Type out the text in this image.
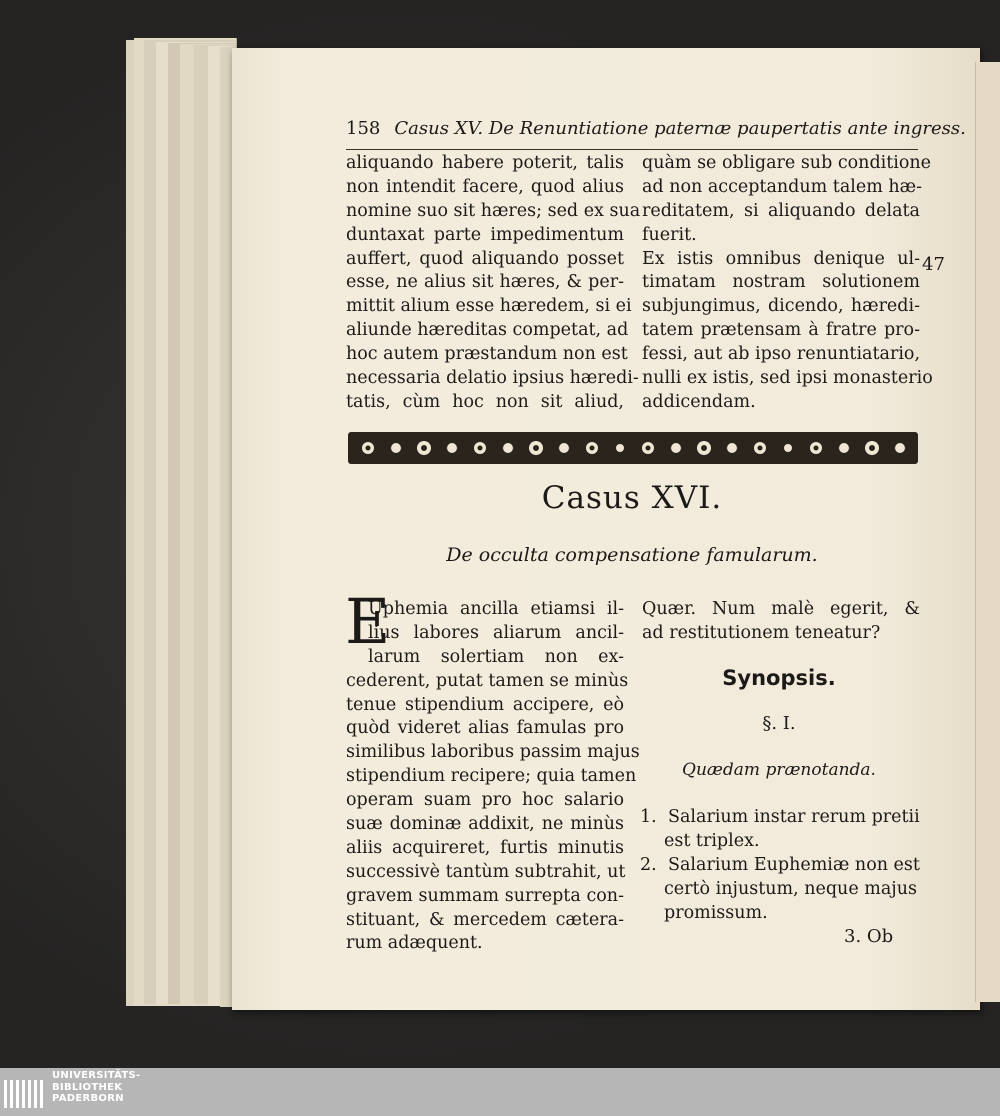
158 Casus XV. De Renuntiatione paternæ paupertatis ante ingress.
47
aliquando habere poterit, talis
non intendit facere, quod alius
nomine suo sit hæres; sed ex sua
duntaxat parte impedimentum
auffert, quod aliquando posset
esse, ne alius sit hæres, & per-
mittit alium esse hæredem, si ei
aliunde hæreditas competat, ad
hoc autem præstandum non est
necessaria delatio ipsius hæredi-
tatis, cùm hoc non sit aliud,
quàm se obligare sub conditione
ad non acceptandum talem hæ-
reditatem, si aliquando delata
fuerit.
Ex istis omnibus denique ul-
timatam nostram solutionem
subjungimus, dicendo, hæredi-
tatem prætensam à fratre pro-
fessi, aut ab ipso renuntiatario,
nulli ex istis, sed ipsi monasterio
addicendam.
Casus XVI.
De occulta compensatione famularum.
E
Uphemia ancilla etiamsi il-
lius labores aliarum ancil-
larum solertiam non ex-
cederent, putat tamen se minùs
tenue stipendium accipere, eò
quòd videret alias famulas pro
similibus laboribus passim majus
stipendium recipere; quia tamen
operam suam pro hoc salario
suæ dominæ addixit, ne minùs
aliis acquireret, furtis minutis
successivè tantùm subtrahit, ut
gravem summam surrepta con-
stituant, & mercedem cætera-
rum adæquent.
Quær. Num malè egerit, &
ad restitutionem teneatur?
Synopsis.
§. I.
Quædam prænotanda.
1. Salarium instar rerum pretii
est triplex.
2. Salarium Euphemiæ non est
certò injustum, neque majus
promissum.
3. Ob
UNIVERSITÄTS-
BIBLIOTHEK
PADERBORN
